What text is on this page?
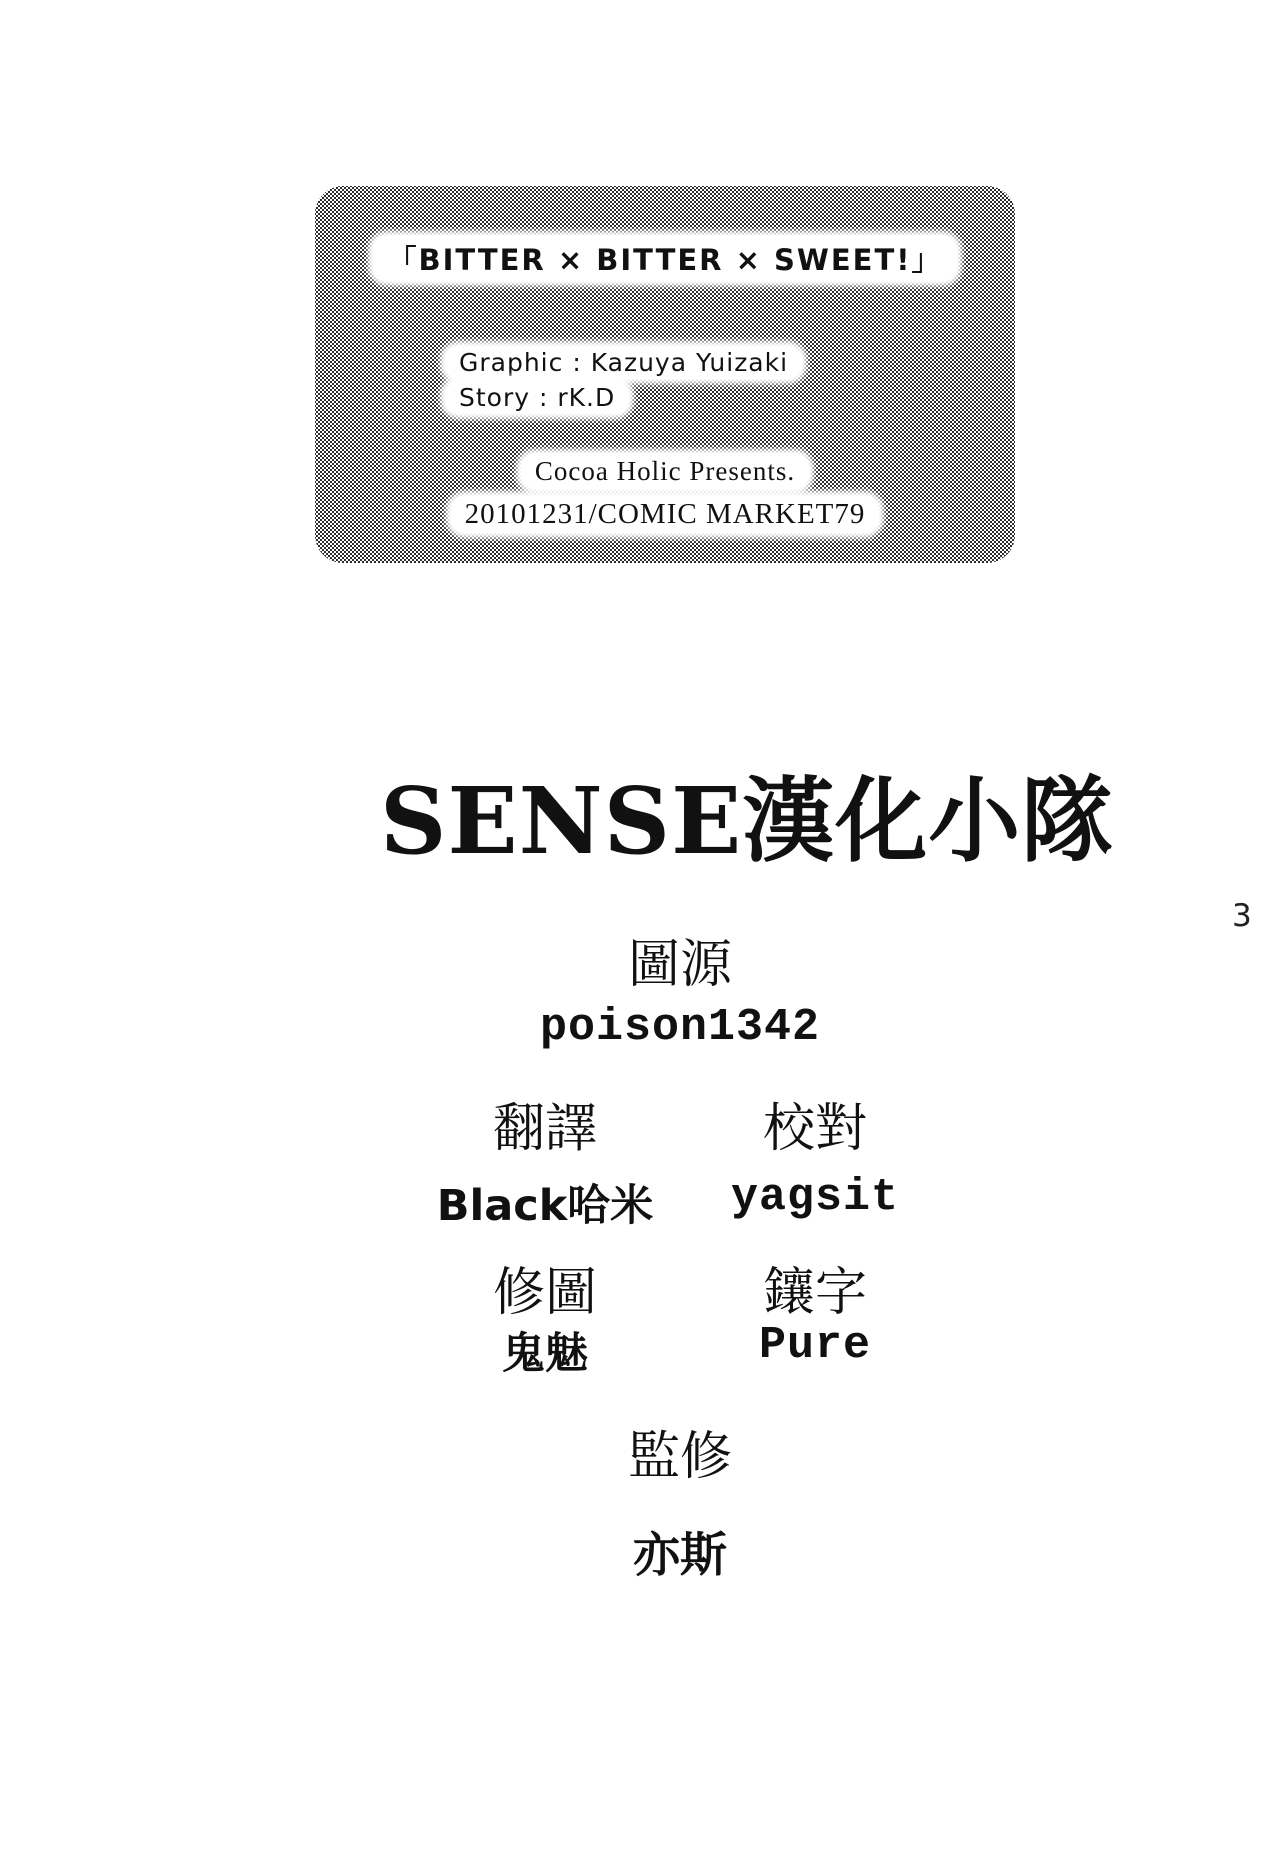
「BITTER × BITTER × SWEET!」
Graphic : Kazuya Yuizaki
Story : rK.D
Cocoa Holic Presents.
20101231/COMIC MARKET79
SENSE漢化小隊
3
圖源
poison1342
翻譯	校對
Black哈米	yagsit
修圖	鑲字
鬼魅	Pure
監修
亦斯
